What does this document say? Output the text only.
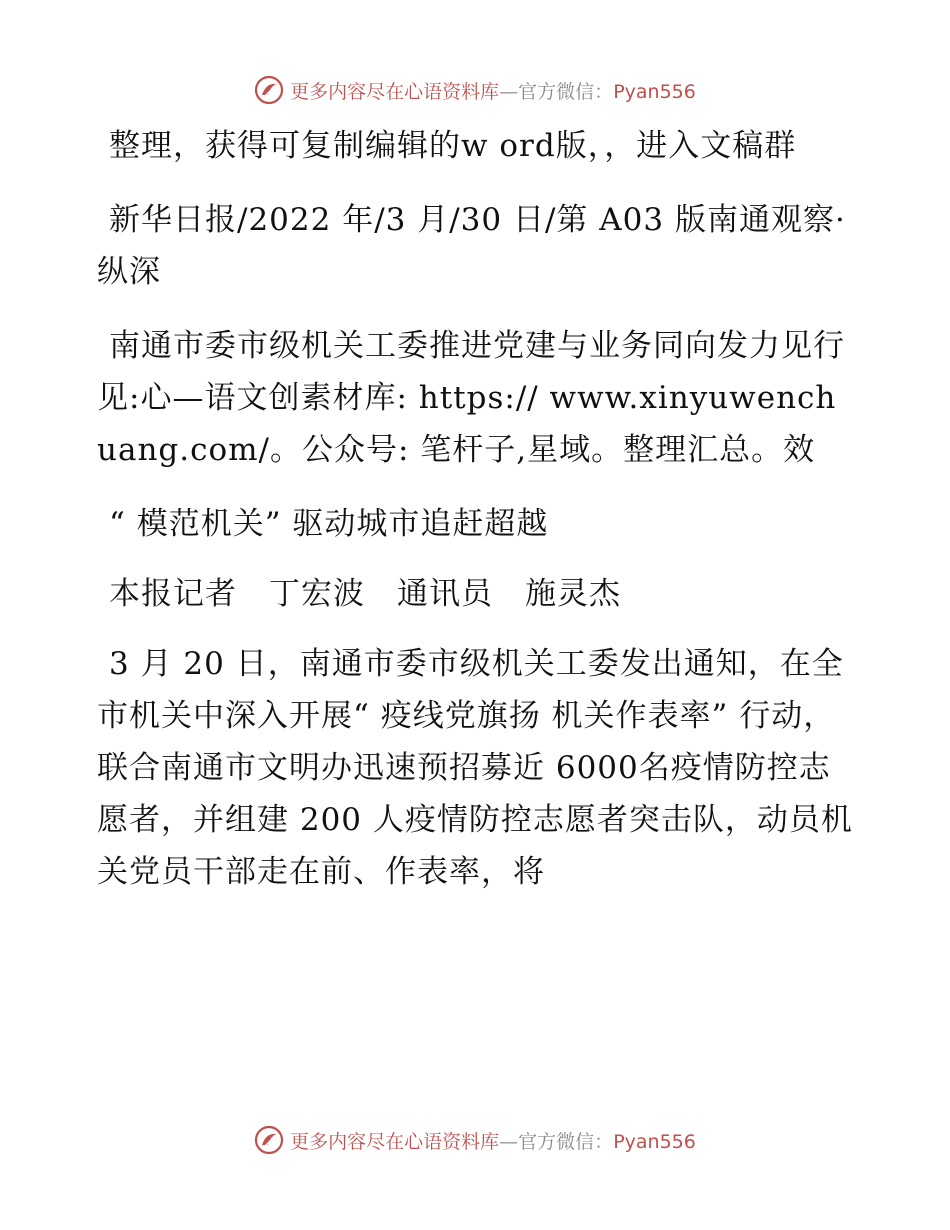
更多内容尽在心语资料库—官方微信：Pyan556

整理，获得可复制编辑的w ord版，，进入文稿群

新华日报/2022 年/3 月/30 日/第 A03 版南通观察· 纵深

南通市委市级机关工委推进党建与业务同向发力见行见:心—语文创素材库: https:// www.xinyuwenchuang.com/。公众号: 笔杆子,星域。整理汇总。效

“ 模范机关” 驱动城市追赶超越

本报记者　丁宏波　通讯员　施灵杰

3 月 20 日，南通市委市级机关工委发出通知，在全市机关中深入开展“ 疫线党旗扬 机关作表率” 行动，联合南通市文明办迅速预招募近 6000名疫情防控志愿者，并组建 200 人疫情防控志愿者突击队，动员机关党员干部走在前、作表率，将

更多内容尽在心语资料库—官方微信：Pyan556
